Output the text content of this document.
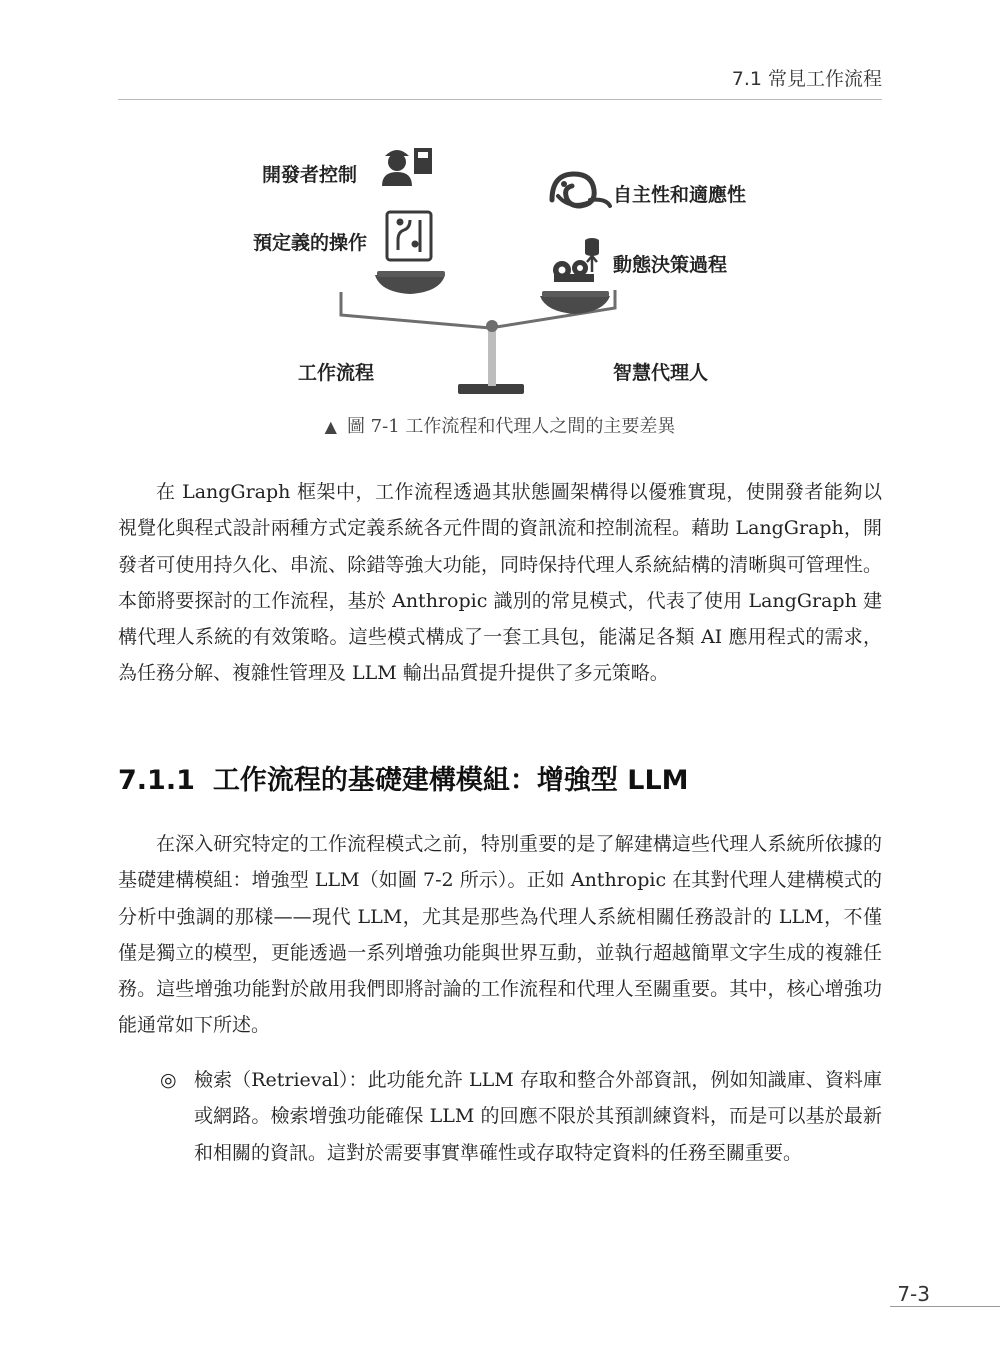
7.1 常見工作流程
開發者控制
預定義的操作
自主性和適應性
動態決策過程
工作流程	智慧代理人
▲ 圖 7-1 工作流程和代理人之間的主要差異

在 LangGraph 框架中，工作流程透過其狀態圖架構得以優雅實現，使開發者能夠以視覺化與程式設計兩種方式定義系統各元件間的資訊流和控制流程。藉助 LangGraph，開發者可使用持久化、串流、除錯等強大功能，同時保持代理人系統結構的清晰與可管理性。本節將要探討的工作流程，基於 Anthropic 識別的常見模式，代表了使用 LangGraph 建構代理人系統的有效策略。這些模式構成了一套工具包，能滿足各類 AI 應用程式的需求，為任務分解、複雜性管理及 LLM 輸出品質提升提供了多元策略。

7.1.1 工作流程的基礎建構模組：增強型 LLM

在深入研究特定的工作流程模式之前，特別重要的是了解建構這些代理人系統所依據的基礎建構模組：增強型 LLM（如圖 7-2 所示）。正如 Anthropic 在其對代理人建構模式的分析中強調的那樣——現代 LLM，尤其是那些為代理人系統相關任務設計的 LLM，不僅僅是獨立的模型，更能透過一系列增強功能與世界互動，並執行超越簡單文字生成的複雜任務。這些增強功能對於啟用我們即將討論的工作流程和代理人至關重要。其中，核心增強功能通常如下所述。

◎ 檢索（Retrieval）：此功能允許 LLM 存取和整合外部資訊，例如知識庫、資料庫或網路。檢索增強功能確保 LLM 的回應不限於其預訓練資料，而是可以基於最新和相關的資訊。這對於需要事實準確性或存取特定資料的任務至關重要。
7-3
